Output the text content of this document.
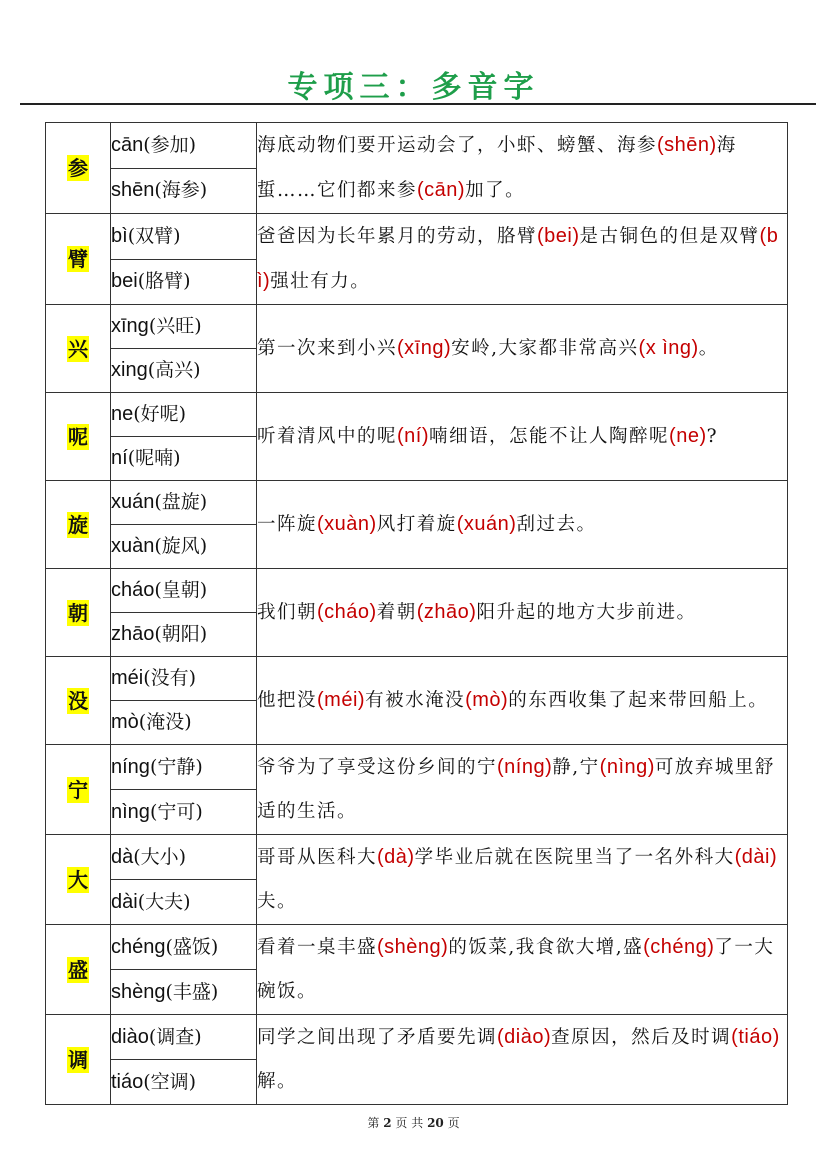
专项三：多音字
参	cān(参加)	海底动物们要开运动会了，小虾、螃蟹、海参(shēn)海蜇……它们都来参(cān)加了。
	shēn(海参)	
臂	bì(双臂)	爸爸因为长年累月的劳动，胳臂(bei)是古铜色的但是双臂(b ì)强壮有力。
	bei(胳臂)	
兴	xīng(兴旺)	第一次来到小兴(xīng)安岭,大家都非常高兴(x ìng)。
	xing(高兴)	
呢	ne(好呢)	听着清风中的呢(ní)喃细语，怎能不让人陶醉呢(ne)?
	ní(呢喃)	
旋	xuán(盘旋)	一阵旋(xuàn)风打着旋(xuán)刮过去。
	xuàn(旋风)	
朝	cháo(皇朝)	我们朝(cháo)着朝(zhāo)阳升起的地方大步前进。
	zhāo(朝阳)	
没	méi(没有)	他把没(méi)有被水淹没(mò)的东西收集了起来带回船上。
	mò(淹没)	
宁	níng(宁静)	爷爷为了享受这份乡间的宁(níng)静,宁(nìng)可放弃城里舒适的生活。
	nìng(宁可)	
大	dà(大小)	哥哥从医科大(dà)学毕业后就在医院里当了一名外科大(dài)夫。
	dài(大夫)	
盛	chéng(盛饭)	看着一桌丰盛(shèng)的饭菜,我食欲大增,盛(chéng)了一大碗饭。
	shèng(丰盛)	
调	diào(调查)	同学之间出现了矛盾要先调(diào)查原因，然后及时调(tiáo)解。
	tiáo(空调)	
第 2 页 共 20 页
